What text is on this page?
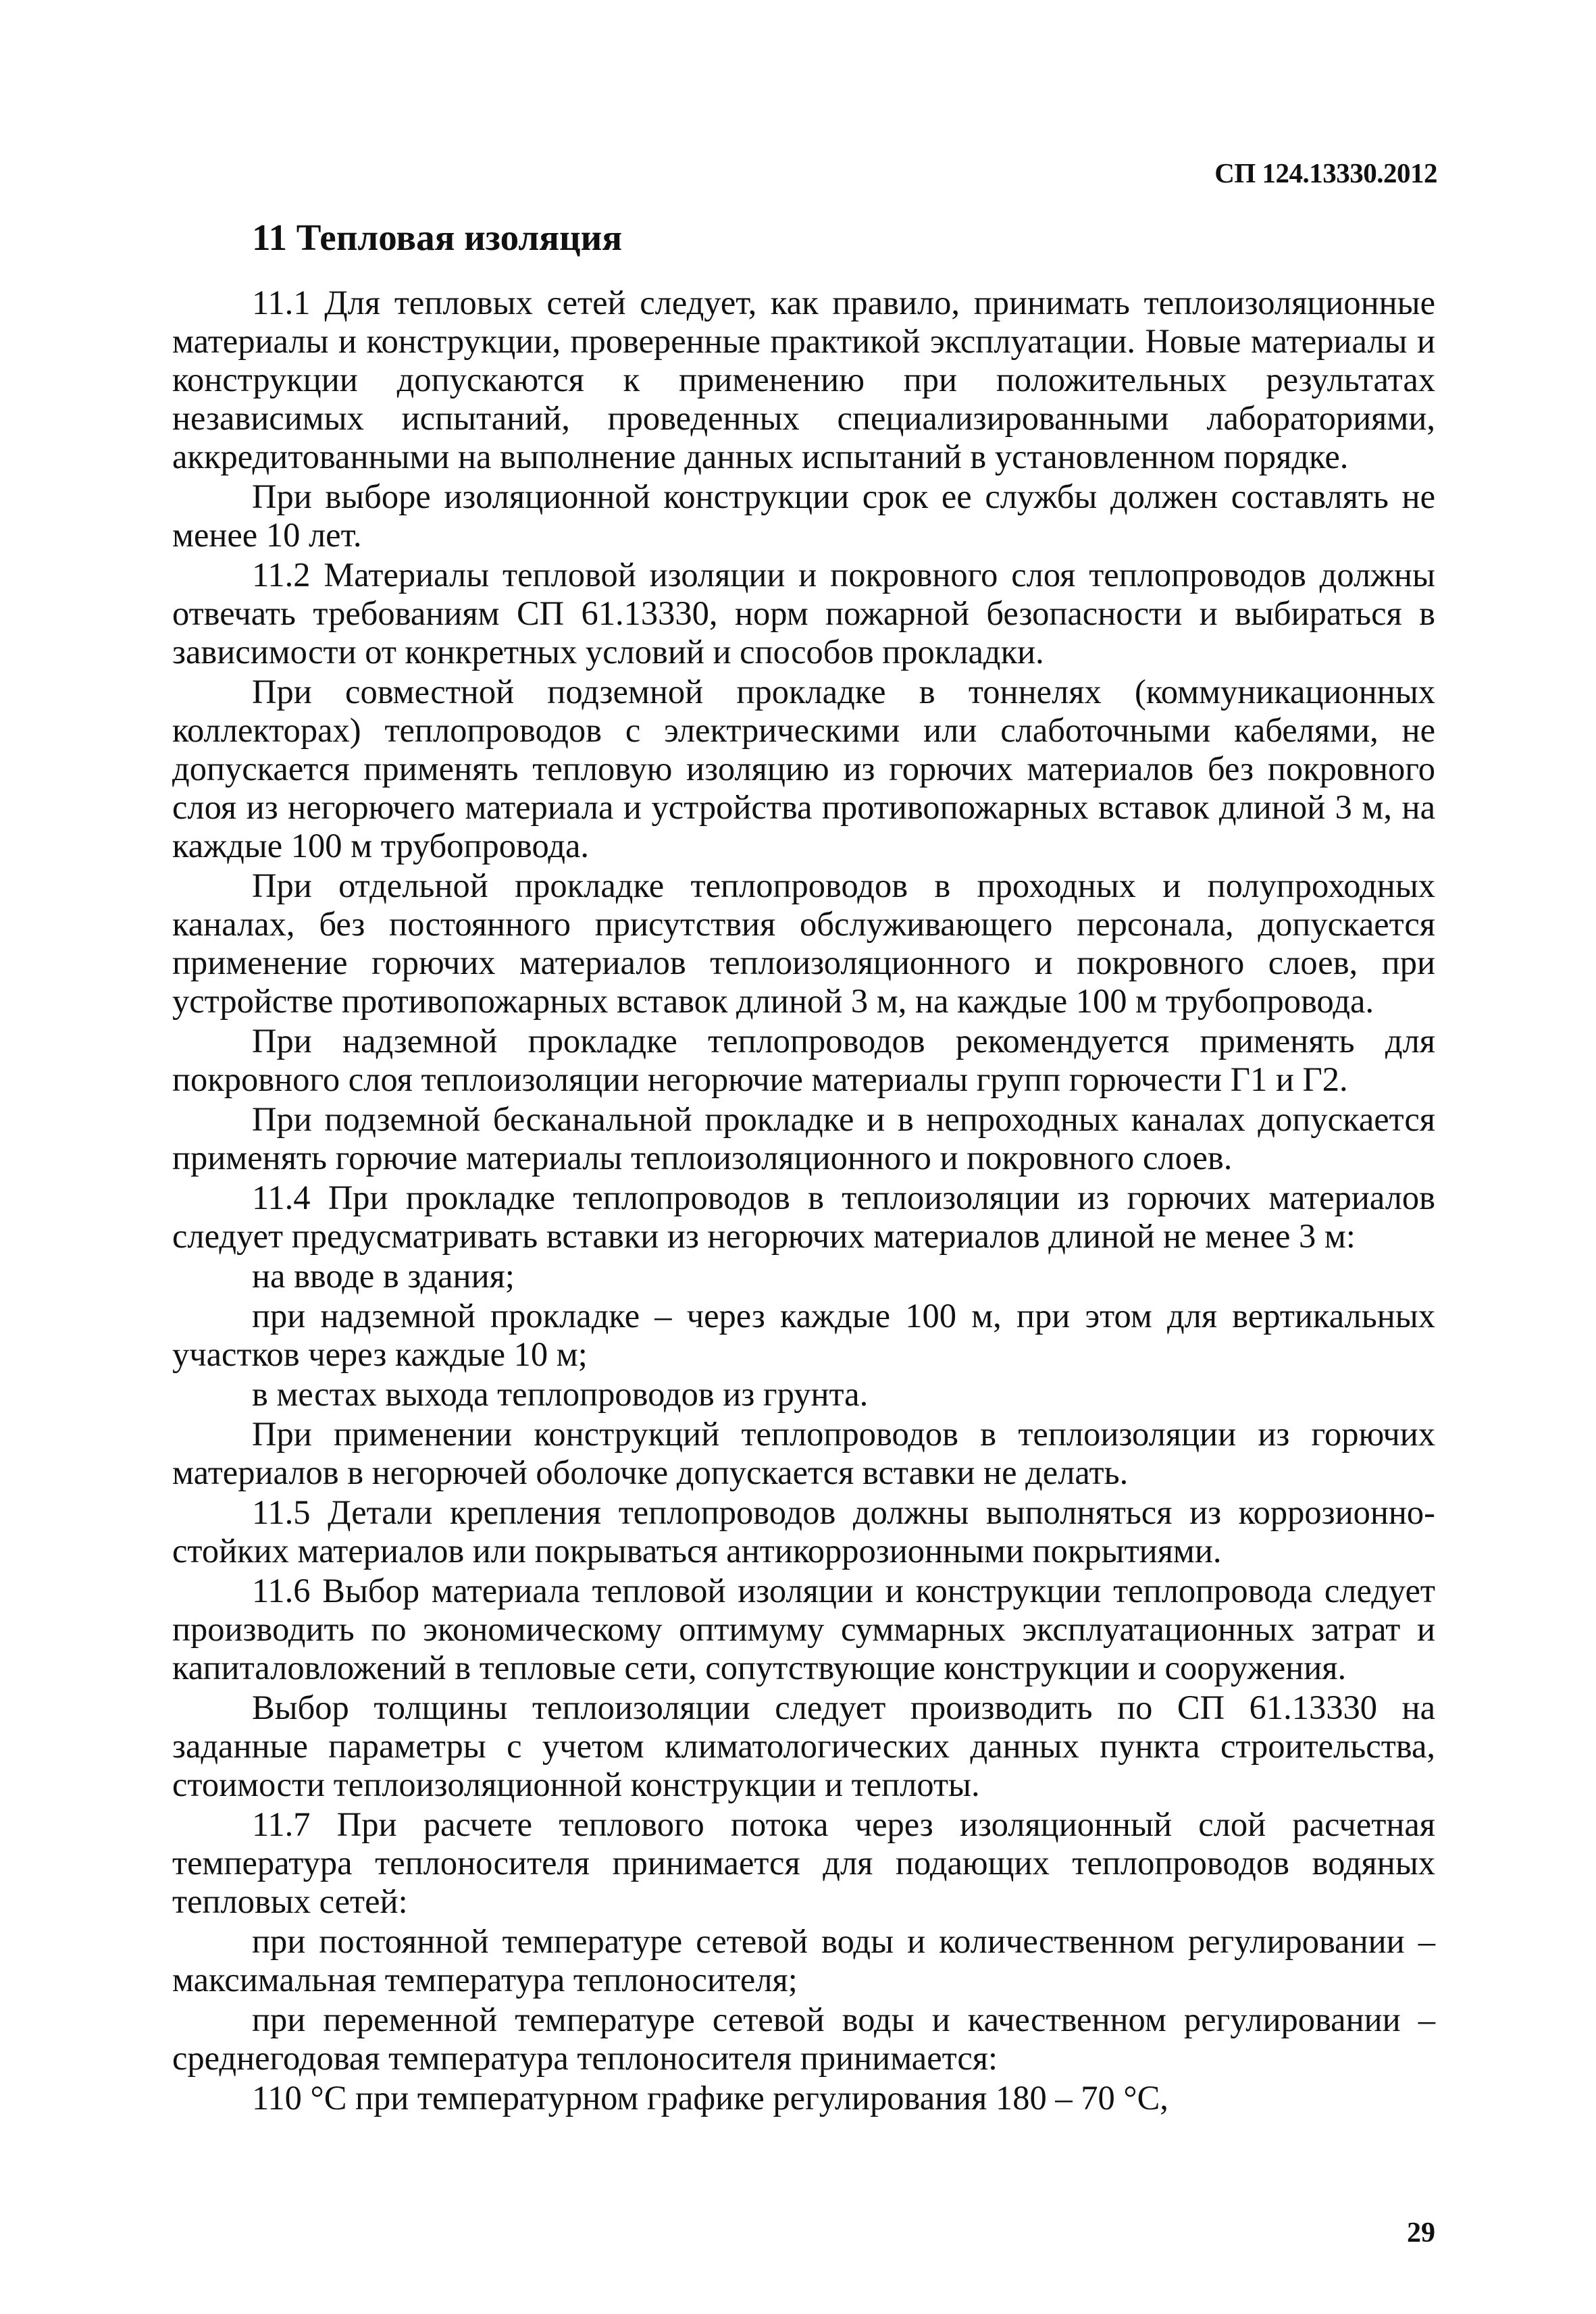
СП 124.13330.2012
11 Тепловая изоляция

11.1 Для тепловых сетей следует, как правило, принимать теплоизоляционные материалы и конструкции, проверенные практикой эксплуатации. Новые материалы и конструкции допускаются к применению при положительных результатах независимых испытаний, проведенных специализированными лабораториями, аккредитованными на выполнение данных испытаний в установленном порядке.

При выборе изоляционной конструкции срок ее службы должен составлять не менее 10 лет.

11.2 Материалы тепловой изоляции и покровного слоя теплопроводов должны отвечать требованиям СП 61.13330, норм пожарной безопасности и выбираться в зависимости от конкретных условий и способов прокладки.

При совместной подземной прокладке в тоннелях (коммуникационных коллекторах) теплопроводов с электрическими или слаботочными кабелями, не допускается применять тепловую изоляцию из горючих материалов без покровного слоя из негорючего материала и устройства противопожарных вставок длиной 3 м, на каждые 100 м трубопровода.

При отдельной прокладке теплопроводов в проходных и полупроходных каналах, без постоянного присутствия обслуживающего персонала, допускается применение горючих материалов теплоизоляционного и покровного слоев, при устройстве противопожарных вставок длиной 3 м, на каждые 100 м трубопровода.

При надземной прокладке теплопроводов рекомендуется применять для покровного слоя теплоизоляции негорючие материалы групп горючести Г1 и Г2.

При подземной бесканальной прокладке и в непроходных каналах допускается применять горючие материалы теплоизоляционного и покровного слоев.

11.4 При прокладке теплопроводов в теплоизоляции из горючих материалов следует предусматривать вставки из негорючих материалов длиной не менее 3 м:

на вводе в здания;

при надземной прокладке – через каждые 100 м, при этом для вертикальных участков через каждые 10 м;

в местах выхода теплопроводов из грунта.

При применении конструкций теплопроводов в теплоизоляции из горючих материалов в негорючей оболочке допускается вставки не делать.

11.5 Детали крепления теплопроводов должны выполняться из коррозионно-стойких материалов или покрываться антикоррозионными покрытиями.

11.6 Выбор материала тепловой изоляции и конструкции теплопровода следует производить по экономическому оптимуму суммарных эксплуатационных затрат и капиталовложений в тепловые сети, сопутствующие конструкции и сооружения.

Выбор толщины теплоизоляции следует производить по СП 61.13330 на заданные параметры с учетом климатологических данных пункта строительства, стоимости теплоизоляционной конструкции и теплоты.

11.7 При расчете теплового потока через изоляционный слой расчетная температура теплоносителя принимается для подающих теплопроводов водяных тепловых сетей:

при постоянной температуре сетевой воды и количественном регулировании – максимальная температура теплоносителя;

при переменной температуре сетевой воды и качественном регулировании – среднегодовая температура теплоносителя принимается:

110 °С при температурном графике регулирования 180 – 70 °С,

29
